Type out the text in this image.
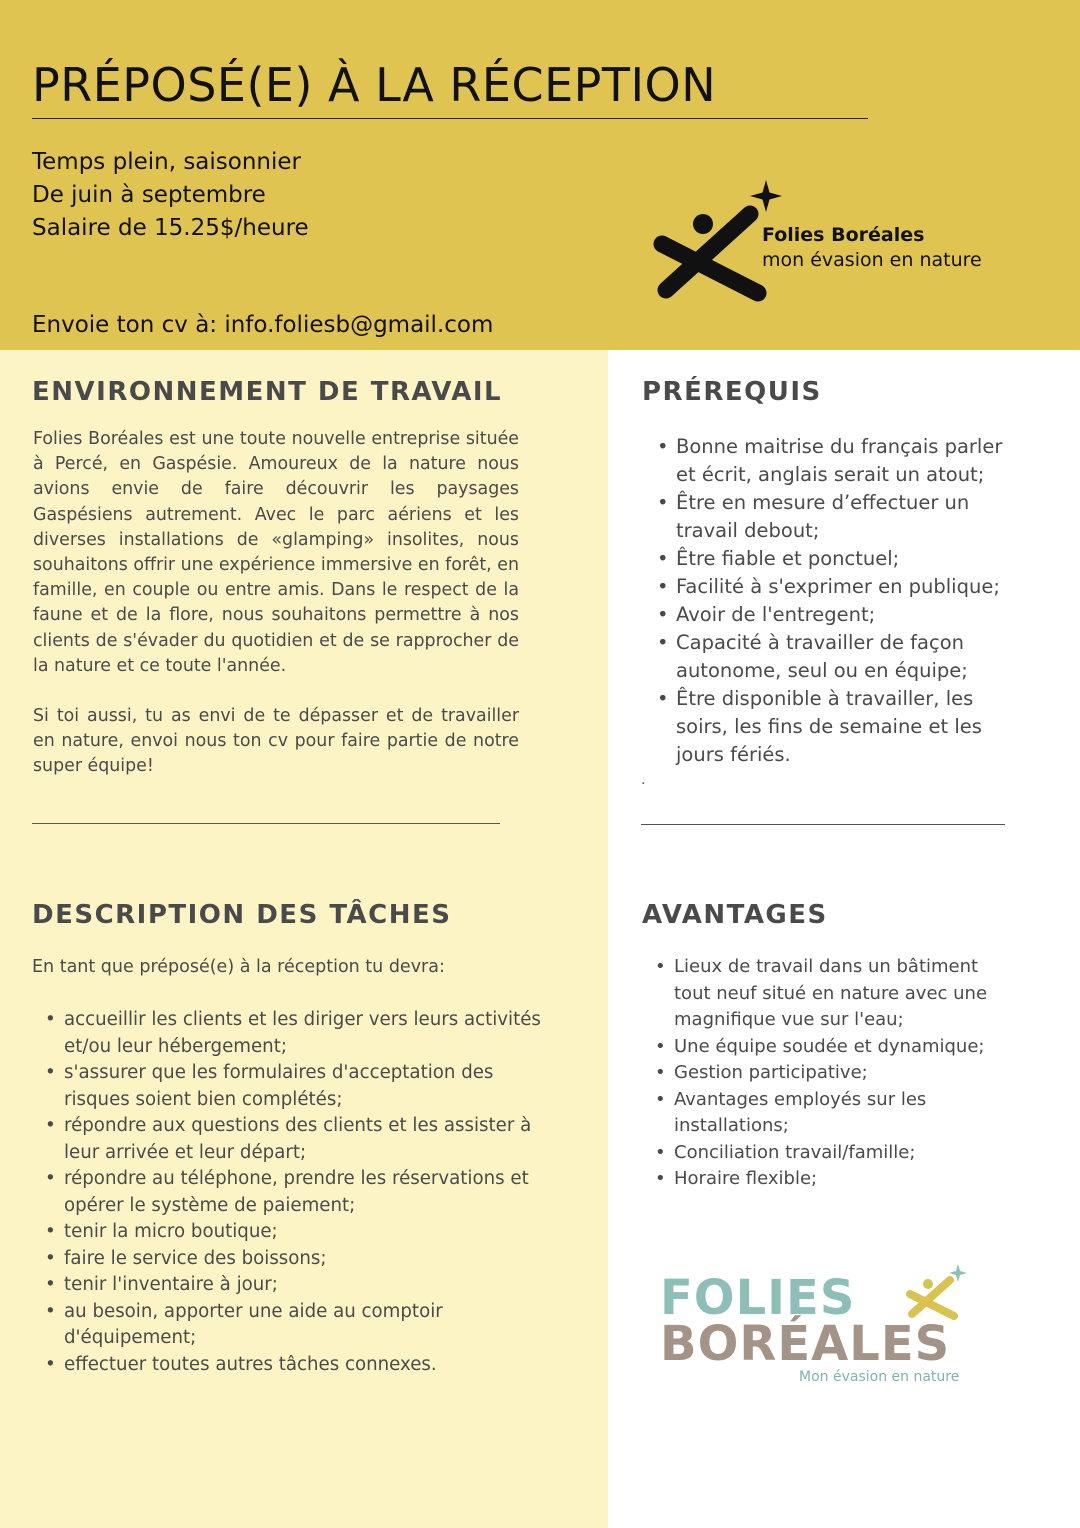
PRÉPOSÉ(E) À LA RÉCEPTION
Temps plein, saisonnier
De juin à septembre
Salaire de 15.25$/heure
Envoie ton cv à: info.foliesb@gmail.com
Folies Boréales
mon évasion en nature
ENVIRONNEMENT DE TRAVAIL

Folies Boréales est une toute nouvelle entreprise située à Percé, en Gaspésie. Amoureux de la nature nous avions envie de faire découvrir les paysages Gaspésiens autrement. Avec le parc aériens et les diverses installations de «glamping» insolites, nous souhaitons offrir une expérience immersive en forêt, en famille, en couple ou entre amis. Dans le respect de la faune et de la flore, nous souhaitons permettre à nos clients de s'évader du quotidien et de se rapprocher de la nature et ce toute l'année.

Si toi aussi, tu as envi de te dépasser et de travailler en nature, envoi nous ton cv pour faire partie de notre super équipe!

PRÉREQUIS
• Bonne maitrise du français parler et écrit, anglais serait un atout;
• Être en mesure d’effectuer un travail debout;
• Être fiable et ponctuel;
• Facilité à s'exprimer en publique;
• Avoir de l'entregent;
• Capacité à travailler de façon autonome, seul ou en équipe;
• Être disponible à travailler, les soirs, les fins de semaine et les jours fériés.
.
DESCRIPTION DES TÂCHES
En tant que préposé(e) à la réception tu devra:
• accueillir les clients et les diriger vers leurs activités et/ou leur hébergement;
• s'assurer que les formulaires d'acceptation des risques soient bien complétés;
• répondre aux questions des clients et les assister à leur arrivée et leur départ;
• répondre au téléphone, prendre les réservations et opérer le système de paiement;
• tenir la micro boutique;
• faire le service des boissons;
• tenir l'inventaire à jour;
• au besoin, apporter une aide au comptoir d'équipement;
• effectuer toutes autres tâches connexes.
AVANTAGES
• Lieux de travail dans un bâtiment tout neuf situé en nature avec une magnifique vue sur l'eau;
• Une équipe soudée et dynamique;
• Gestion participative;
• Avantages employés sur les installations;
• Conciliation travail/famille;
• Horaire flexible;
FOLIES
BORÉALES
Mon évasion en nature
